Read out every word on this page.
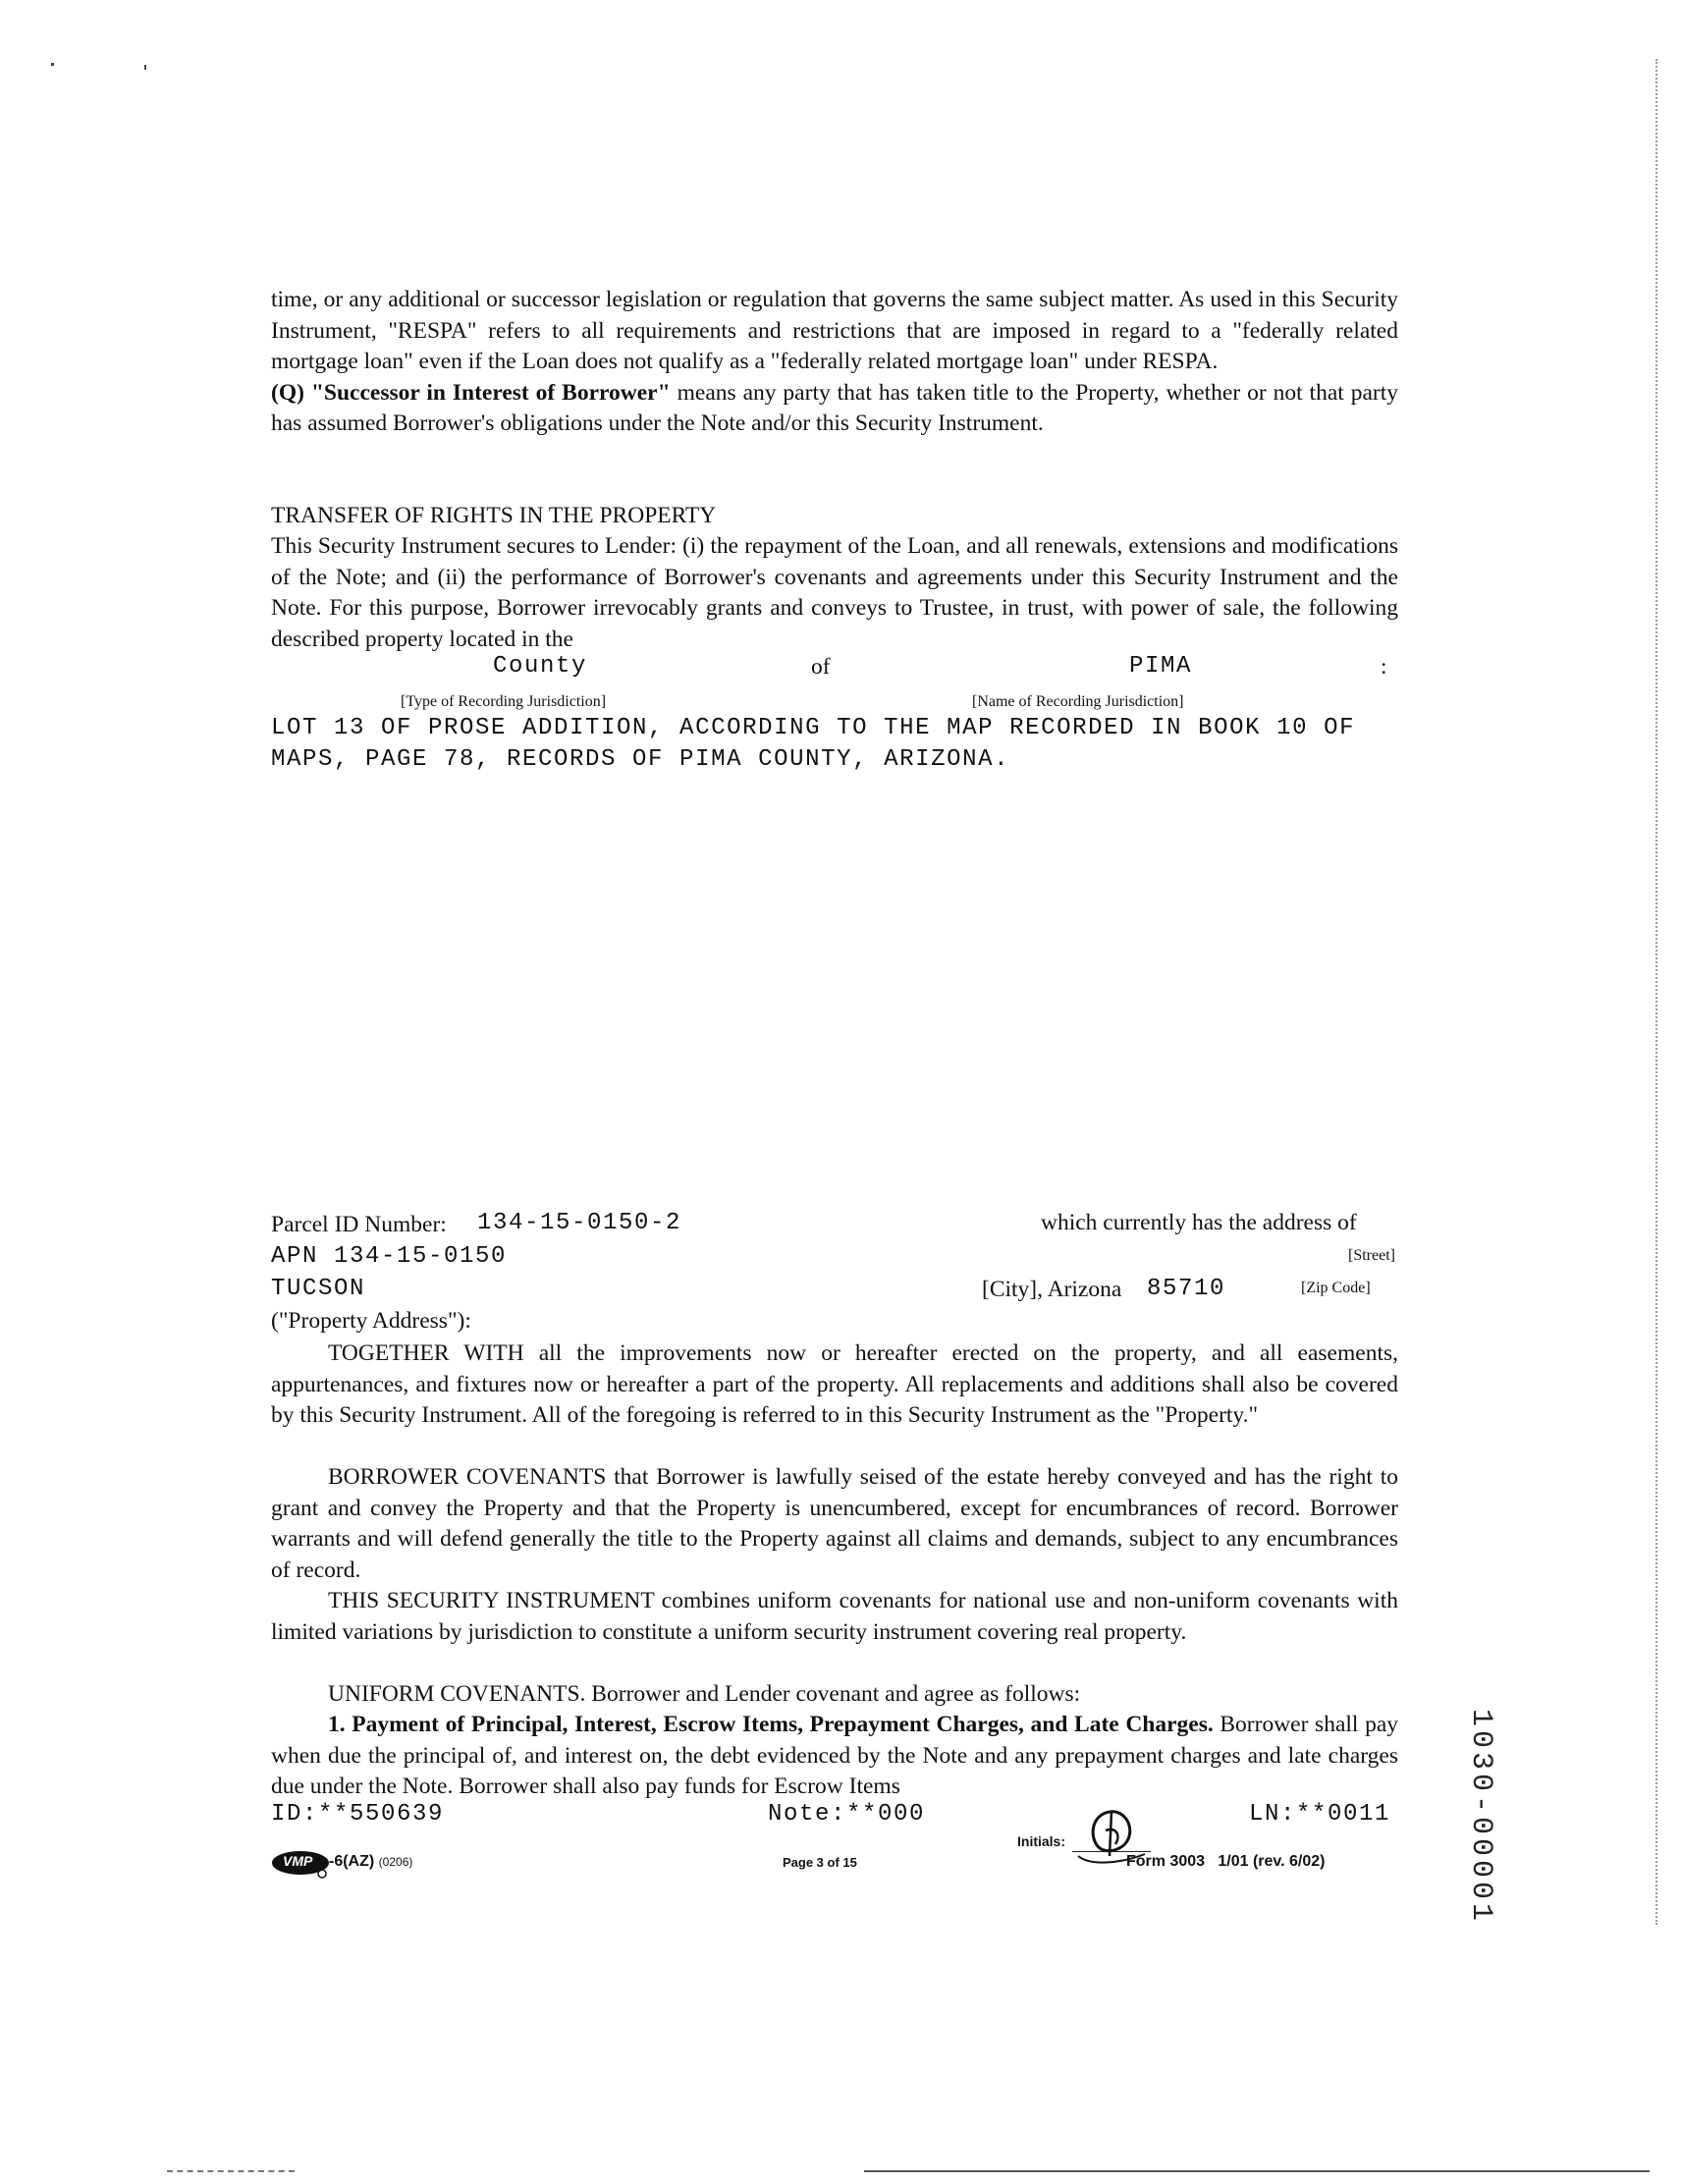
time, or any additional or successor legislation or regulation that governs the same subject matter. As used in this Security Instrument, "RESPA" refers to all requirements and restrictions that are imposed in regard to a "federally related mortgage loan" even if the Loan does not qualify as a "federally related mortgage loan" under RESPA.
(Q) "Successor in Interest of Borrower" means any party that has taken title to the Property, whether or not that party has assumed Borrower's obligations under the Note and/or this Security Instrument.
TRANSFER OF RIGHTS IN THE PROPERTY
This Security Instrument secures to Lender: (i) the repayment of the Loan, and all renewals, extensions and modifications of the Note; and (ii) the performance of Borrower's covenants and agreements under this Security Instrument and the Note. For this purpose, Borrower irrevocably grants and conveys to Trustee, in trust, with power of sale, the following described property located in the
County	of	PIMA	:
[Type of Recording Jurisdiction]	[Name of Recording Jurisdiction]
LOT 13 OF PROSE ADDITION, ACCORDING TO THE MAP RECORDED IN BOOK 10 OF
MAPS, PAGE 78, RECORDS OF PIMA COUNTY, ARIZONA.
Parcel ID Number: 134-15-0150-2	which currently has the address of
APN 134-15-0150	[Street]
TUCSON	[City], Arizona 85710	[Zip Code]
("Property Address"):
TOGETHER WITH all the improvements now or hereafter erected on the property, and all easements, appurtenances, and fixtures now or hereafter a part of the property. All replacements and additions shall also be covered by this Security Instrument. All of the foregoing is referred to in this Security Instrument as the "Property."
BORROWER COVENANTS that Borrower is lawfully seised of the estate hereby conveyed and has the right to grant and convey the Property and that the Property is unencumbered, except for encumbrances of record. Borrower warrants and will defend generally the title to the Property against all claims and demands, subject to any encumbrances of record.
THIS SECURITY INSTRUMENT combines uniform covenants for national use and non-uniform covenants with limited variations by jurisdiction to constitute a uniform security instrument covering real property.
UNIFORM COVENANTS. Borrower and Lender covenant and agree as follows:
1. Payment of Principal, Interest, Escrow Items, Prepayment Charges, and Late Charges. Borrower shall pay when due the principal of, and interest on, the debt evidenced by the Note and any prepayment charges and late charges due under the Note. Borrower shall also pay funds for Escrow Items
ID:**550639	Note:**000	LN:**0011
Initials:
VMP -6(AZ) (0206)	Page 3 of 15	Form 3003   1/01 (rev. 6/02)	1030-00001
